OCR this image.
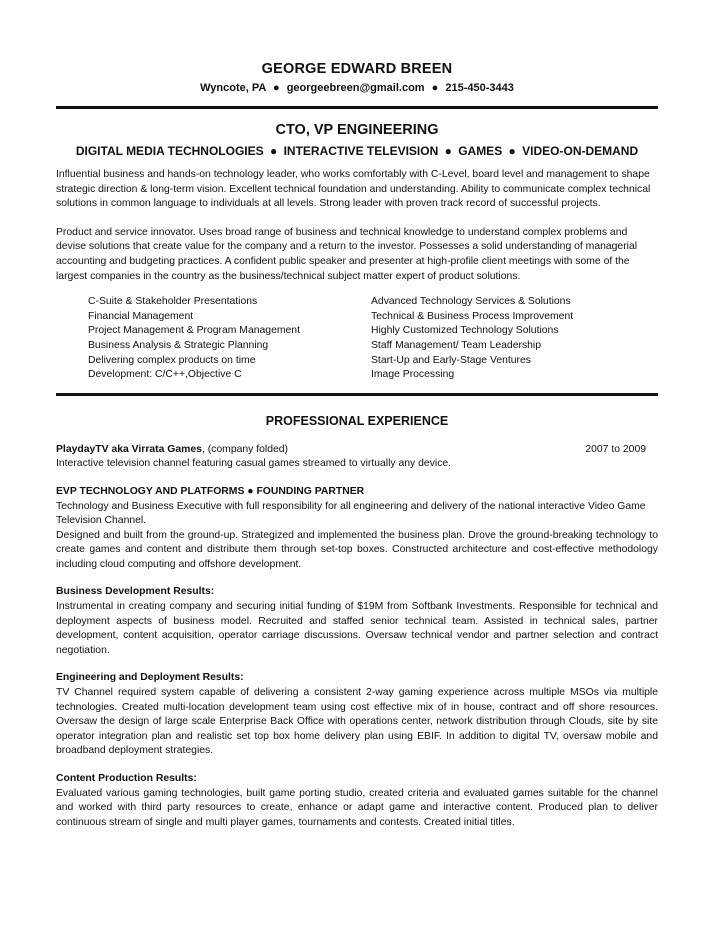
GEORGE EDWARD BREEN
Wyncote, PA ● georgeebreen@gmail.com ● 215-450-3443
CTO, VP ENGINEERING
DIGITAL MEDIA TECHNOLOGIES ● INTERACTIVE TELEVISION ● GAMES ● VIDEO-ON-DEMAND

Influential business and hands-on technology leader, who works comfortably with C-Level, board level and management to shape strategic direction & long-term vision. Excellent technical foundation and understanding. Ability to communicate complex technical solutions in common language to individuals at all levels. Strong leader with proven track record of successful projects.

Product and service innovator. Uses broad range of business and technical knowledge to understand complex problems and devise solutions that create value for the company and a return to the investor. Possesses a solid understanding of managerial accounting and budgeting practices. A confident public speaker and presenter at high-profile client meetings with some of the largest companies in the country as the business/technical subject matter expert of product solutions.

C-Suite & Stakeholder Presentations
Financial Management
Project Management & Program Management
Business Analysis & Strategic Planning
Delivering complex products on time
Development: C/C++,Objective C
Advanced Technology Services & Solutions
Technical & Business Process Improvement
Highly Customized Technology Solutions
Staff Management/ Team Leadership
Start-Up and Early-Stage Ventures
Image Processing
PROFESSIONAL EXPERIENCE
PlaydayTV aka Virrata Games, (company folded)	2007 to 2009

Interactive television channel featuring casual games streamed to virtually any device.

EVP TECHNOLOGY AND PLATFORMS ● FOUNDING PARTNER

Technology and Business Executive with full responsibility for all engineering and delivery of the national interactive Video Game Television Channel.

Designed and built from the ground-up. Strategized and implemented the business plan. Drove the ground-breaking technology to create games and content and distribute them through set-top boxes. Constructed architecture and cost-effective methodology including cloud computing and offshore development.

Business Development Results:

Instrumental in creating company and securing initial funding of $19M from Softbank Investments. Responsible for technical and deployment aspects of business model. Recruited and staffed senior technical team. Assisted in technical sales, partner development, content acquisition, operator carriage discussions. Oversaw technical vendor and partner selection and contract negotiation.

Engineering and Deployment Results:

TV Channel required system capable of delivering a consistent 2-way gaming experience across multiple MSOs via multiple technologies. Created multi-location development team using cost effective mix of in house, contract and off shore resources. Oversaw the design of large scale Enterprise Back Office with operations center, network distribution through Clouds, site by site operator integration plan and realistic set top box home delivery plan using EBIF. In addition to digital TV, oversaw mobile and broadband deployment strategies.

Content Production Results:

Evaluated various gaming technologies, built game porting studio, created criteria and evaluated games suitable for the channel and worked with third party resources to create, enhance or adapt game and interactive content. Produced plan to deliver continuous stream of single and multi player games, tournaments and contests. Created initial titles.
